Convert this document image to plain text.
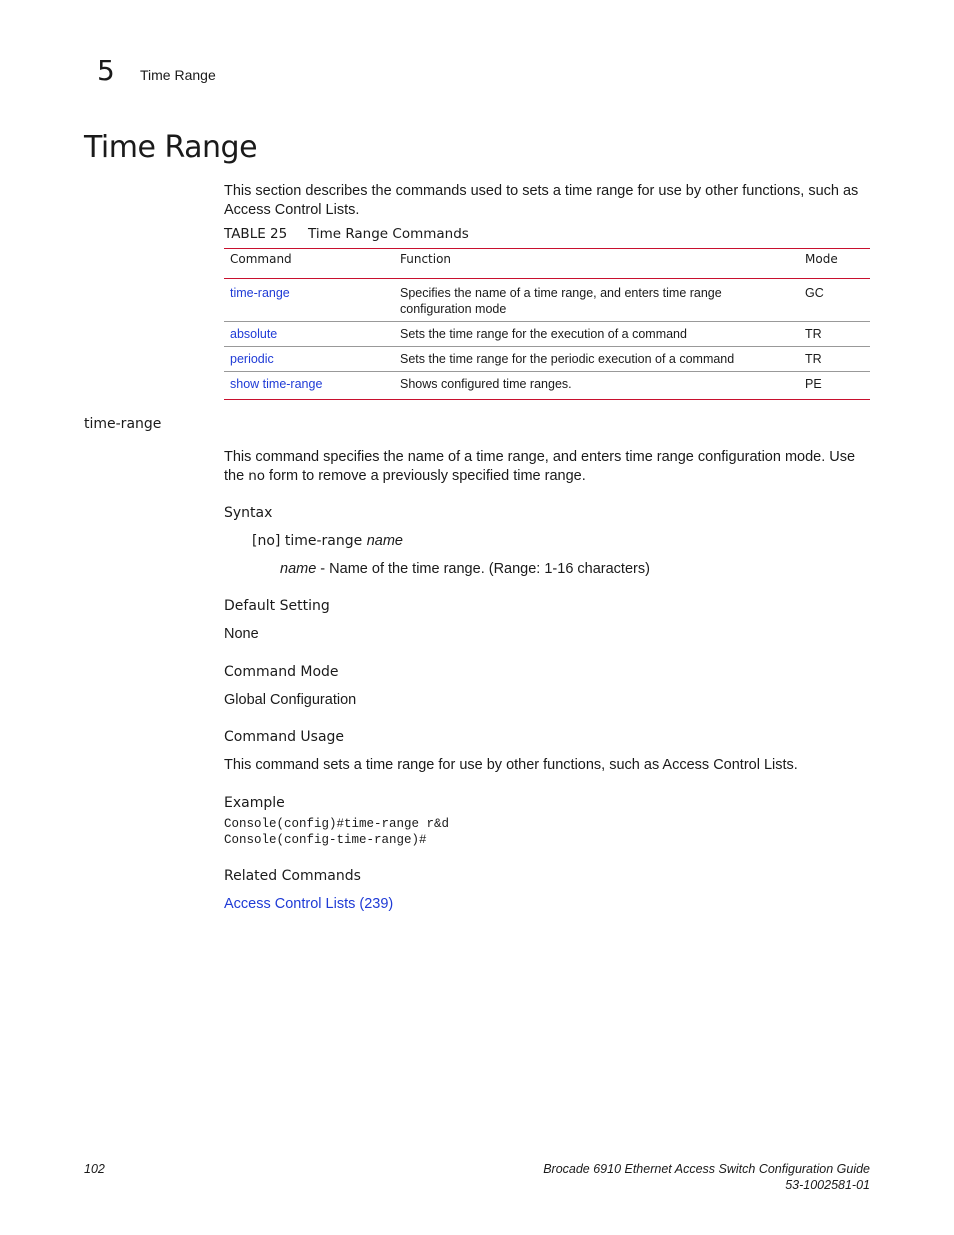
5 Time Range
Time Range
This section describes the commands used to sets a time range for use by other functions, such as Access Control Lists.
TABLE 25 Time Range Commands
Command	Function	Mode
time-range	Specifies the name of a time range, and enters time range configuration mode	GC
absolute	Sets the time range for the execution of a command	TR
periodic	Sets the time range for the periodic execution of a command	TR
show time-range	Shows configured time ranges.	PE
time-range
This command specifies the name of a time range, and enters time range configuration mode. Use the no form to remove a previously specified time range.
Syntax
[no] time-range name
name - Name of the time range. (Range: 1-16 characters)
Default Setting
None
Command Mode
Global Configuration
Command Usage
This command sets a time range for use by other functions, such as Access Control Lists.
Example
Console(config)#time-range r&d
Console(config-time-range)#
Related Commands
Access Control Lists (239)
102	Brocade 6910 Ethernet Access Switch Configuration Guide
53-1002581-01
